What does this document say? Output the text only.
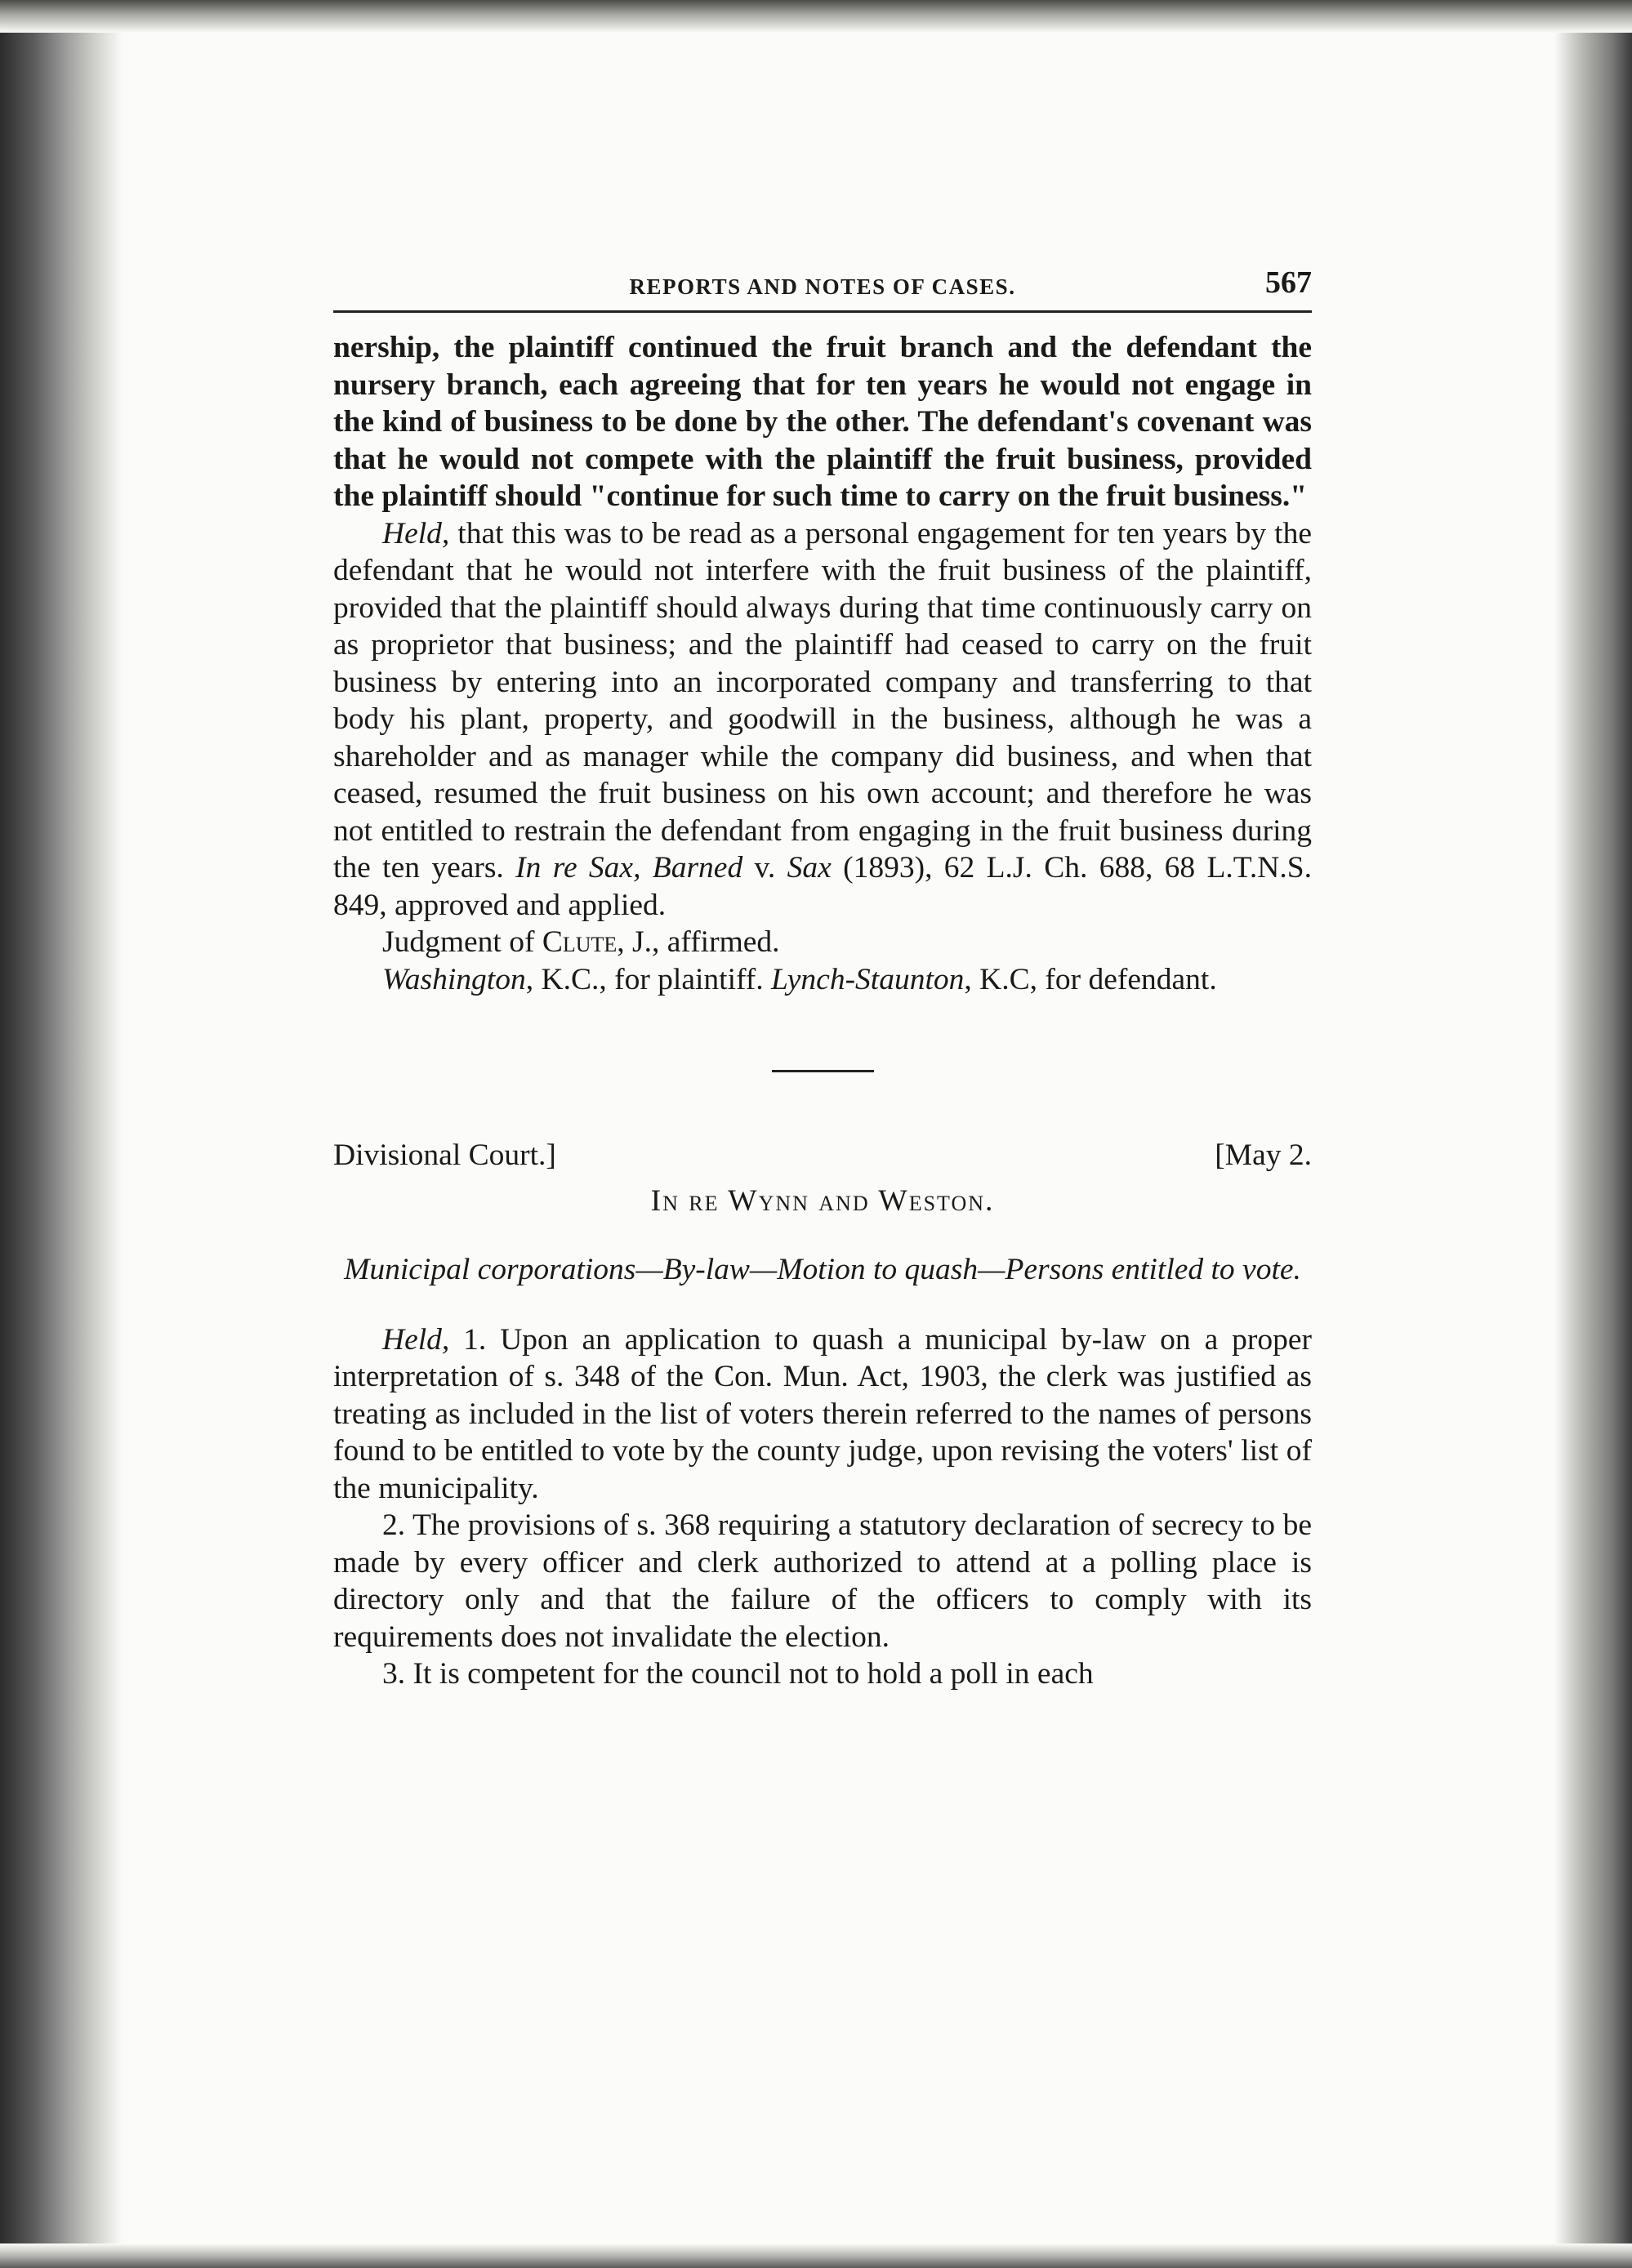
REPORTS AND NOTES OF CASES.	567

nership, the plaintiff continued the fruit branch and the defendant the nursery branch, each agreeing that for ten years he would not engage in the kind of business to be done by the other. The defendant's covenant was that he would not compete with the plaintiff the fruit business, provided the plaintiff should "continue for such time to carry on the fruit business."

Held, that this was to be read as a personal engagement for ten years by the defendant that he would not interfere with the fruit business of the plaintiff, provided that the plaintiff should always during that time continuously carry on as proprietor that business; and the plaintiff had ceased to carry on the fruit business by entering into an incorporated company and transferring to that body his plant, property, and goodwill in the business, although he was a shareholder and as manager while the company did business, and when that ceased, resumed the fruit business on his own account; and therefore he was not entitled to restrain the defendant from engaging in the fruit business during the ten years. In re Sax, Barned v. Sax (1893), 62 L.J. Ch. 688, 68 L.T.N.S. 849, approved and applied.

Judgment of Clute, J., affirmed.

Washington, K.C., for plaintiff. Lynch-Staunton, K.C, for defendant.

Divisional Court.]	[May 2.
In re Wynn and Weston.
Municipal corporations—By-law—Motion to quash—Persons entitled to vote.

Held, 1. Upon an application to quash a municipal by-law on a proper interpretation of s. 348 of the Con. Mun. Act, 1903, the clerk was justified as treating as included in the list of voters therein referred to the names of persons found to be entitled to vote by the county judge, upon revising the voters' list of the municipality.

2. The provisions of s. 368 requiring a statutory declaration of secrecy to be made by every officer and clerk authorized to attend at a polling place is directory only and that the failure of the officers to comply with its requirements does not invalidate the election.

3. It is competent for the council not to hold a poll in each
